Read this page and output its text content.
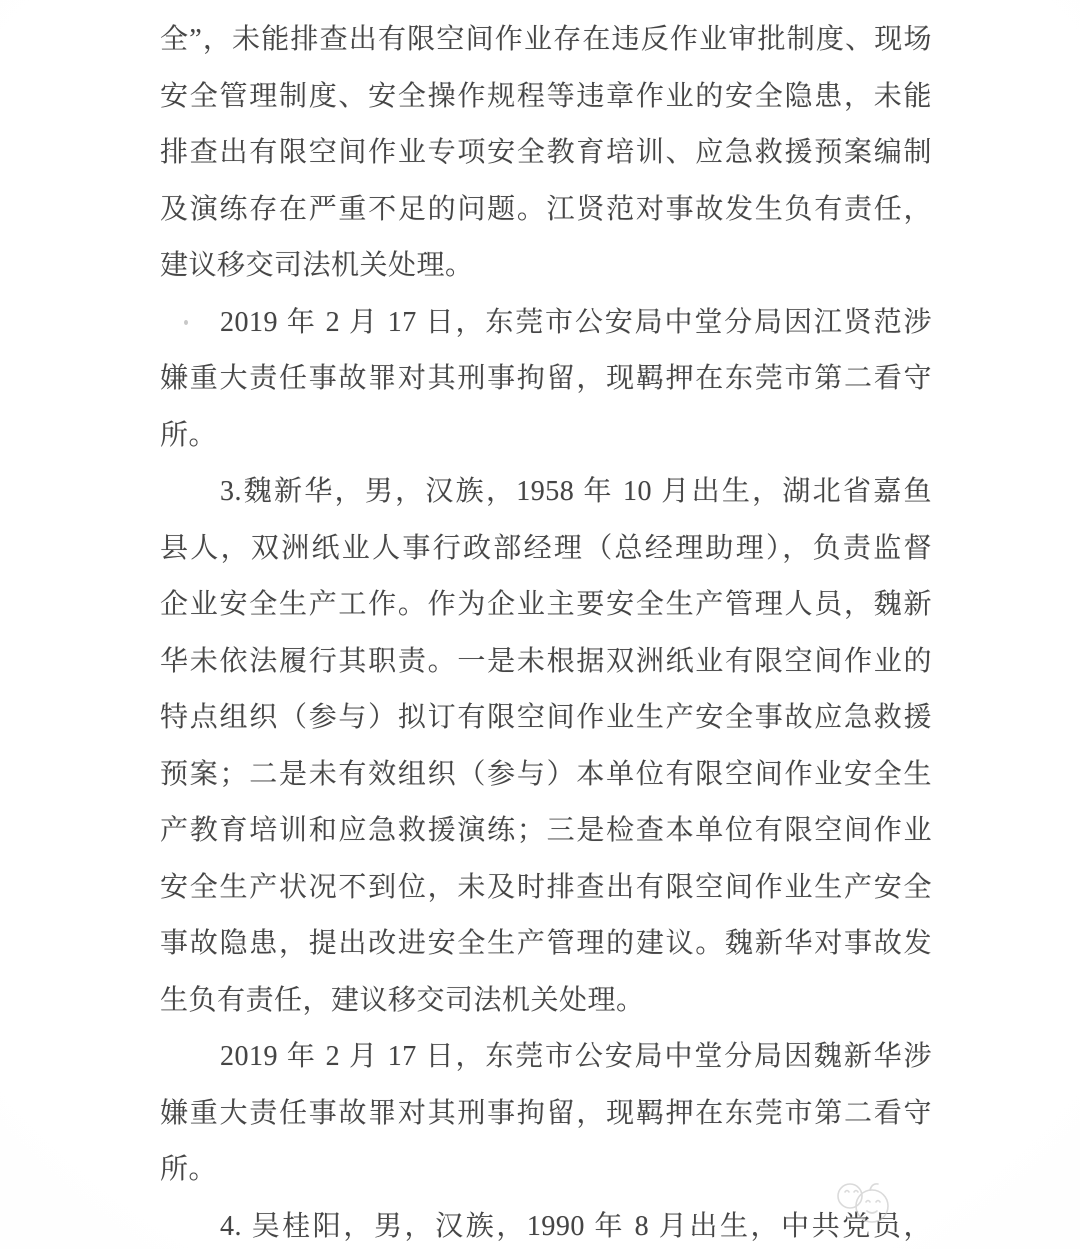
全”，未能排查出有限空间作业存在违反作业审批制度、现场
安全管理制度、安全操作规程等违章作业的安全隐患，未能
排查出有限空间作业专项安全教育培训、应急救援预案编制
及演练存在严重不足的问题。江贤范对事故发生负有责任，
建议移交司法机关处理。
2019 年 2 月 17 日，东莞市公安局中堂分局因江贤范涉
嫌重大责任事故罪对其刑事拘留，现羁押在东莞市第二看守
所。
3.魏新华，男，汉族，1958 年 10 月出生，湖北省嘉鱼
县人，双洲纸业人事行政部经理（总经理助理），负责监督
企业安全生产工作。作为企业主要安全生产管理人员，魏新
华未依法履行其职责。一是未根据双洲纸业有限空间作业的
特点组织（参与）拟订有限空间作业生产安全事故应急救援
预案；二是未有效组织（参与）本单位有限空间作业安全生
产教育培训和应急救援演练；三是检查本单位有限空间作业
安全生产状况不到位，未及时排查出有限空间作业生产安全
事故隐患，提出改进安全生产管理的建议。魏新华对事故发
生负有责任，建议移交司法机关处理。
2019 年 2 月 17 日，东莞市公安局中堂分局因魏新华涉
嫌重大责任事故罪对其刑事拘留，现羁押在东莞市第二看守
所。
4. 吴桂阳，男，汉族，1990 年 8 月出生，中共党员，
